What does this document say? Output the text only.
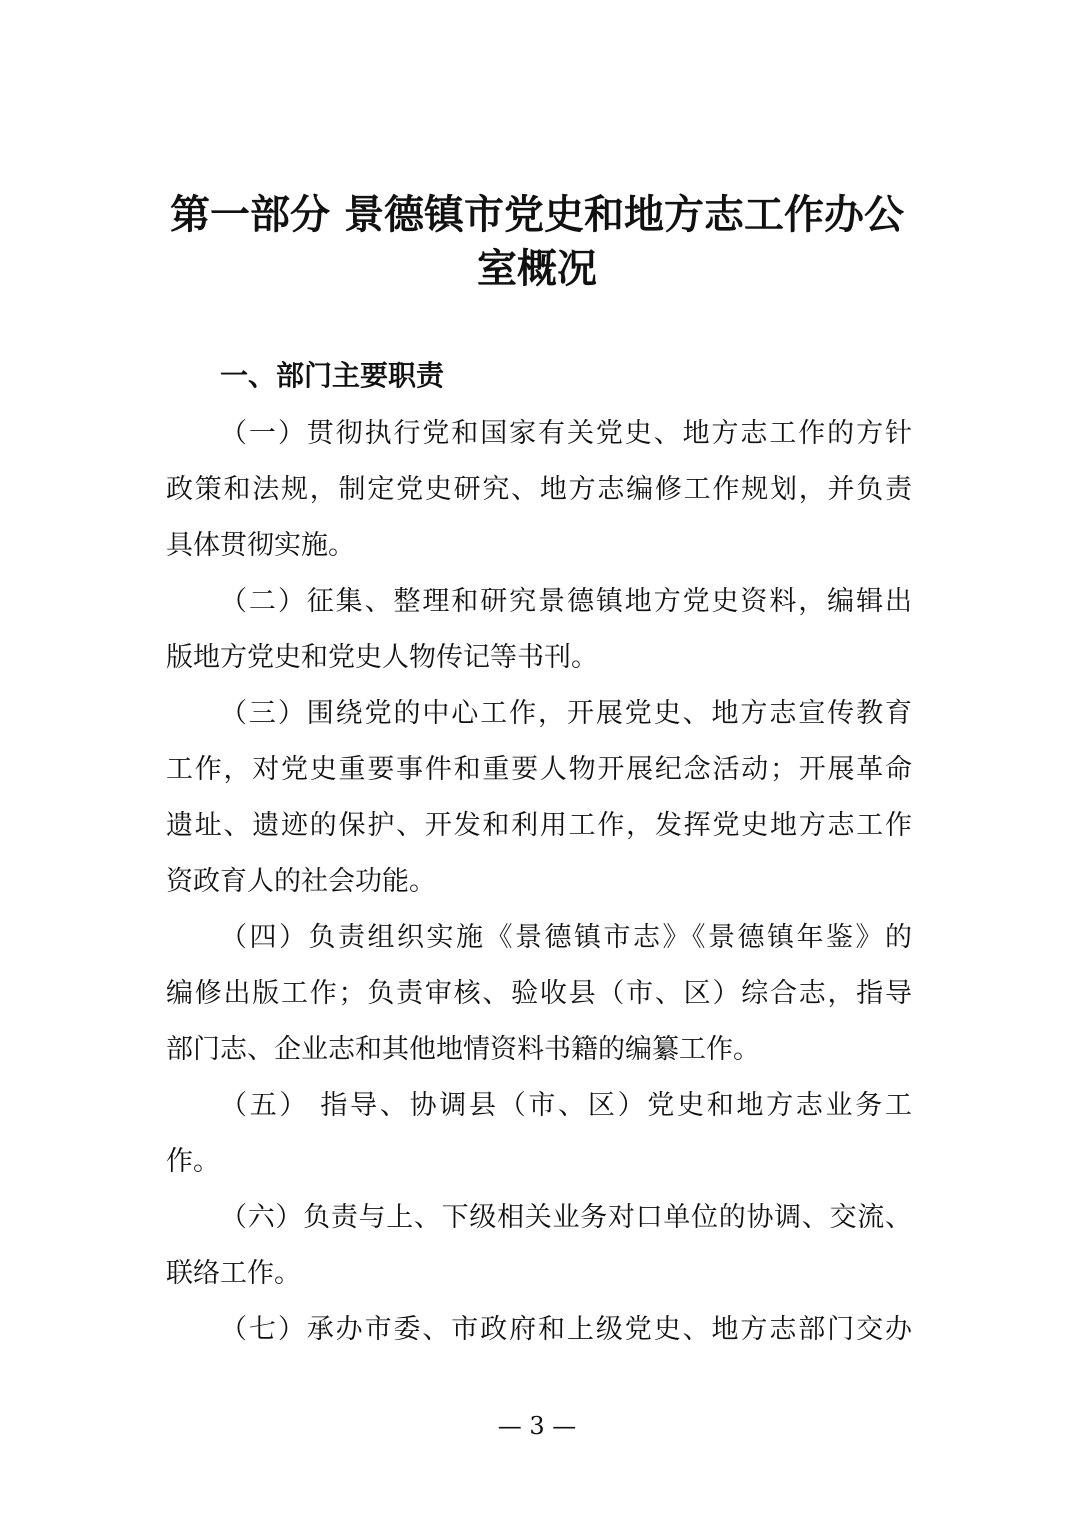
第一部分 景德镇市党史和地方志工作办公
室概况
一、部门主要职责

（一）贯彻执行党和国家有关党史、地方志工作的方针

政策和法规，制定党史研究、地方志编修工作规划，并负责

具体贯彻实施。

（二）征集、整理和研究景德镇地方党史资料，编辑出

版地方党史和党史人物传记等书刊。

（三）围绕党的中心工作，开展党史、地方志宣传教育

工作，对党史重要事件和重要人物开展纪念活动；开展革命

遗址、遗迹的保护、开发和利用工作，发挥党史地方志工作

资政育人的社会功能。

（四）负责组织实施《景德镇市志》《景德镇年鉴》的

编修出版工作；负责审核、验收县（市、区）综合志，指导

部门志、企业志和其他地情资料书籍的编纂工作。

（五） 指导、协调县（市、区）党史和地方志业务工

作。

（六）负责与上、下级相关业务对口单位的协调、交流、

联络工作。

（七）承办市委、市政府和上级党史、地方志部门交办

— 3 —
